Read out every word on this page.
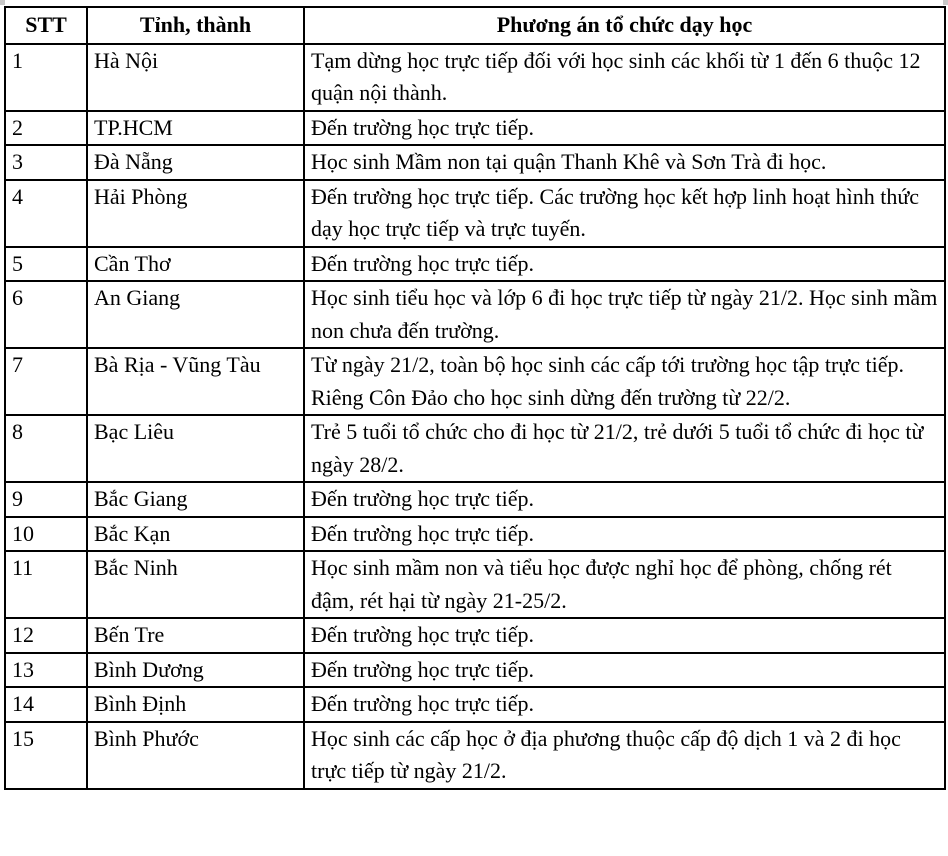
STT	Tỉnh, thành	Phương án tổ chức dạy học
1	Hà Nội	Tạm dừng học trực tiếp đối với học sinh các khối từ 1 đến 6 thuộc 12 quận nội thành.
2	TP.HCM	Đến trường học trực tiếp.
3	Đà Nẵng	Học sinh Mầm non tại quận Thanh Khê và Sơn Trà đi học.
4	Hải Phòng	Đến trường học trực tiếp. Các trường học kết hợp linh hoạt hình thức dạy học trực tiếp và trực tuyến.
5	Cần Thơ	Đến trường học trực tiếp.
6	An Giang	Học sinh tiểu học và lớp 6 đi học trực tiếp từ ngày 21/2. Học sinh mầm non chưa đến trường.
7	Bà Rịa - Vũng Tàu	Từ ngày 21/2, toàn bộ học sinh các cấp tới trường học tập trực tiếp. Riêng Côn Đảo cho học sinh dừng đến trường từ 22/2.
8	Bạc Liêu	Trẻ 5 tuổi tổ chức cho đi học từ 21/2, trẻ dưới 5 tuổi tổ chức đi học từ ngày 28/2.
9	Bắc Giang	Đến trường học trực tiếp.
10	Bắc Kạn	Đến trường học trực tiếp.
11	Bắc Ninh	Học sinh mầm non và tiểu học được nghỉ học để phòng, chống rét đậm, rét hại từ ngày 21-25/2.
12	Bến Tre	Đến trường học trực tiếp.
13	Bình Dương	Đến trường học trực tiếp.
14	Bình Định	Đến trường học trực tiếp.
15	Bình Phước	Học sinh các cấp học ở địa phương thuộc cấp độ dịch 1 và 2 đi học trực tiếp từ ngày 21/2.
